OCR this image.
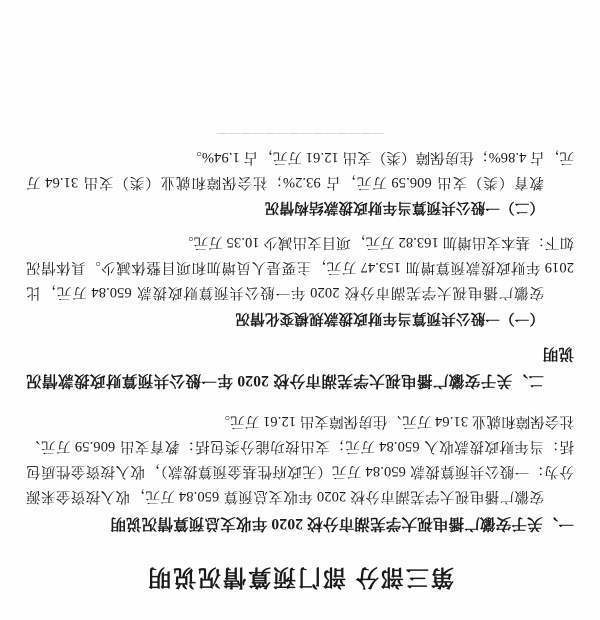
第三部分 部门预算情况说明
一、关于安徽广播电视大学芜湖市分校 2020 年收支总预算情况说明

安徽广播电视大学芜湖市分校 2020 年收支总预算 650.84 万元，收入按资金来源分为：一般公共预算拨款 650.84 万元（无政府性基金预算拨款），收入按资金性质包括：当年财政拨款收入 650.84 万元；支出按功能分类包括：教育支出 606.59 万元、社会保障和就业 31.64 万元、住房保障支出 12.61 万元。

二、关于安徽广播电视大学芜湖市分校 2020 年一般公共预算财政拨款情况说明
（一）一般公共预算当年财政拨款规模变化情况

安徽广播电视大学芜湖市分校 2020 年一般公共预算财政拨款 650.84 万元，比 2019 年财政拨款预算增加 153.47 万元，主要是人员增加和项目整体减少。具体情况如下：基本支出增加 163.82 万元，项目支出减少 10.35 万元。

（二）一般公共预算当年财政拨款结构情况

教育（类）支出 606.59 万元，占 93.2%；社会保障和就业（类）支出 31.64 万元，占 4.86%；住房保障（类）支出 12.61 万元，占 1.94%。

——————————————
